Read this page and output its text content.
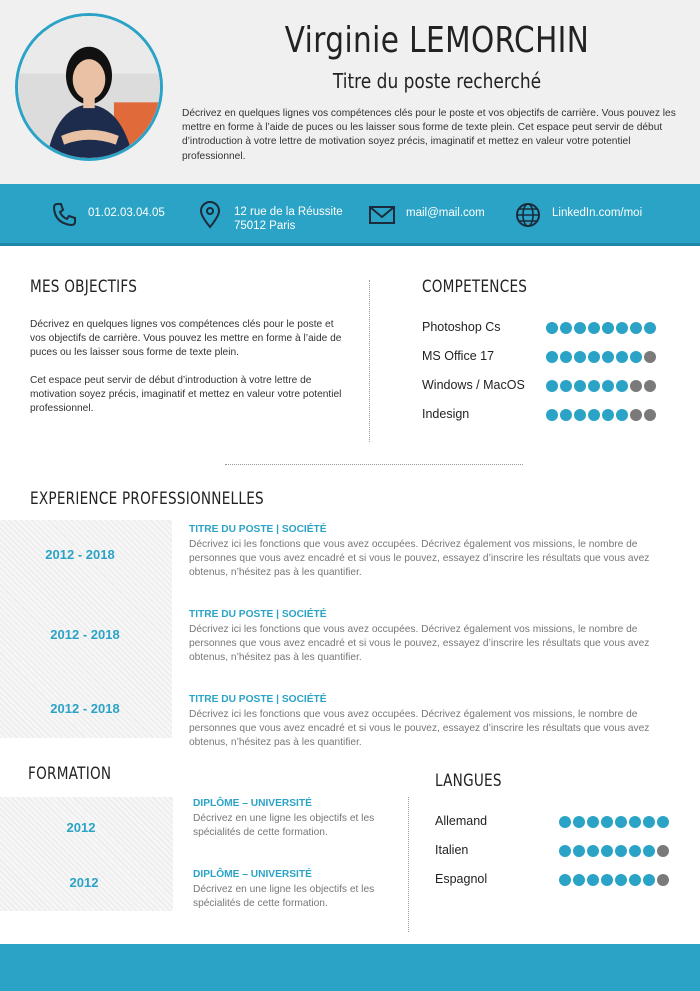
Virginie LEMORCHIN
Titre du poste recherché
Décrivez en quelques lignes vos compétences clés pour le poste et vos objectifs de carrière. Vous pouvez les mettre en forme à l’aide de puces ou les laisser sous forme de texte plein. Cet espace peut servir de début d’introduction à votre lettre de motivation soyez précis, imaginatif et mettez en valeur votre potentiel professionnel.
01.02.03.04.05	12 rue de la Réussite
75012 Paris
mail@mail.com	LinkedIn.com/moi
MES OBJECTIFS
Décrivez en quelques lignes vos compétences clés pour le poste et vos objectifs de carrière. Vous pouvez les mettre en forme à l’aide de puces ou les laisser sous forme de texte plein.
Cet espace peut servir de début d’introduction à votre lettre de motivation soyez précis, imaginatif et mettez en valeur votre potentiel professionnel.
COMPETENCES
Photoshop Cs
MS Office 17
Windows / MacOS
Indesign
EXPERIENCE PROFESSIONNELLES
2012 - 2018
TITRE DU POSTE | SOCIÉTÉ
Décrivez ici les fonctions que vous avez occupées. Décrivez également vos missions, le nombre de personnes que vous avez encadré et si vous le pouvez, essayez d’inscrire les résultats que vous avez obtenus, n’hésitez pas à les quantifier.
2012 - 2018
TITRE DU POSTE | SOCIÉTÉ
Décrivez ici les fonctions que vous avez occupées. Décrivez également vos missions, le nombre de personnes que vous avez encadré et si vous le pouvez, essayez d’inscrire les résultats que vous avez obtenus, n’hésitez pas à les quantifier.
2012 - 2018
TITRE DU POSTE | SOCIÉTÉ
Décrivez ici les fonctions que vous avez occupées. Décrivez également vos missions, le nombre de personnes que vous avez encadré et si vous le pouvez, essayez d’inscrire les résultats que vous avez obtenus, n’hésitez pas à les quantifier.
FORMATION
2012
DIPLÔME – UNIVERSITÉ
Décrivez en une ligne les objectifs et les spécialités de cette formation.
2012
DIPLÔME – UNIVERSITÉ
Décrivez en une ligne les objectifs et les spécialités de cette formation.
LANGUES
Allemand
Italien
Espagnol
